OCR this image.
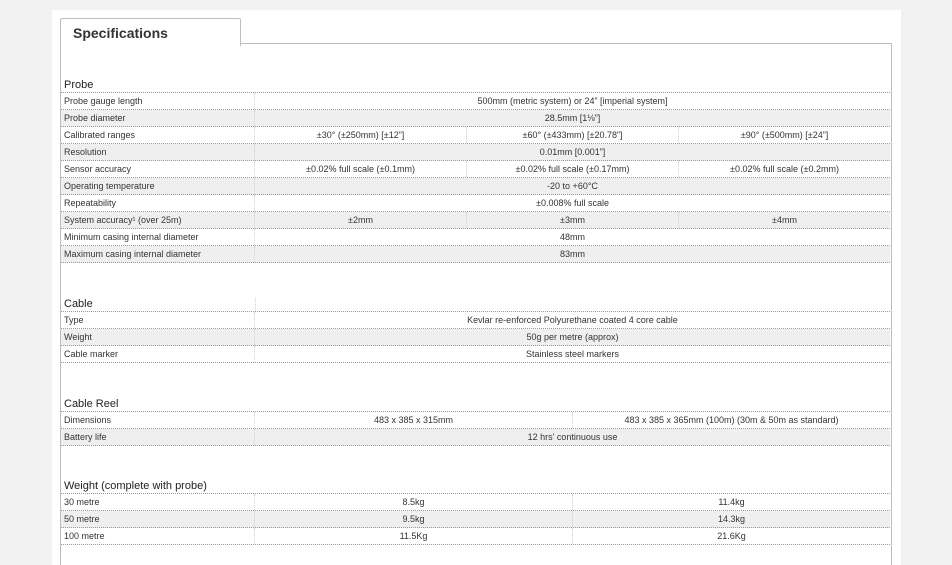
Specifications
Probe
Probe gauge length	500mm (metric system) or 24” [imperial system]
Probe diameter	28.5mm [1⅛”]
Calibrated ranges	±30° (±250mm) [±12”]	±60° (±433mm) [±20.78”]	±90° (±500mm) [±24”]
Resolution	0.01mm [0.001”]
Sensor accuracy	±0.02% full scale (±0.1mm)	±0.02% full scale (±0.17mm)	±0.02% full scale (±0.2mm)
Operating temperature	-20 to +60°C
Repeatability	±0.008% full scale
System accuracy¹ (over 25m)	±2mm	±3mm	±4mm
Minimum casing internal diameter	48mm
Maximum casing internal diameter	83mm
Cable
Type	Kevlar re-enforced Polyurethane coated 4 core cable
Weight	50g per metre (approx)
Cable marker	Stainless steel markers
Cable Reel
Dimensions	483 x 385 x 315mm	483 x 385 x 365mm (100m) (30m & 50m as standard)
Battery life	12 hrs' continuous use
Weight (complete with probe)
30 metre	8.5kg	11.4kg
50 metre	9.5kg	14.3kg
100 metre	11.5Kg	21.6Kg
